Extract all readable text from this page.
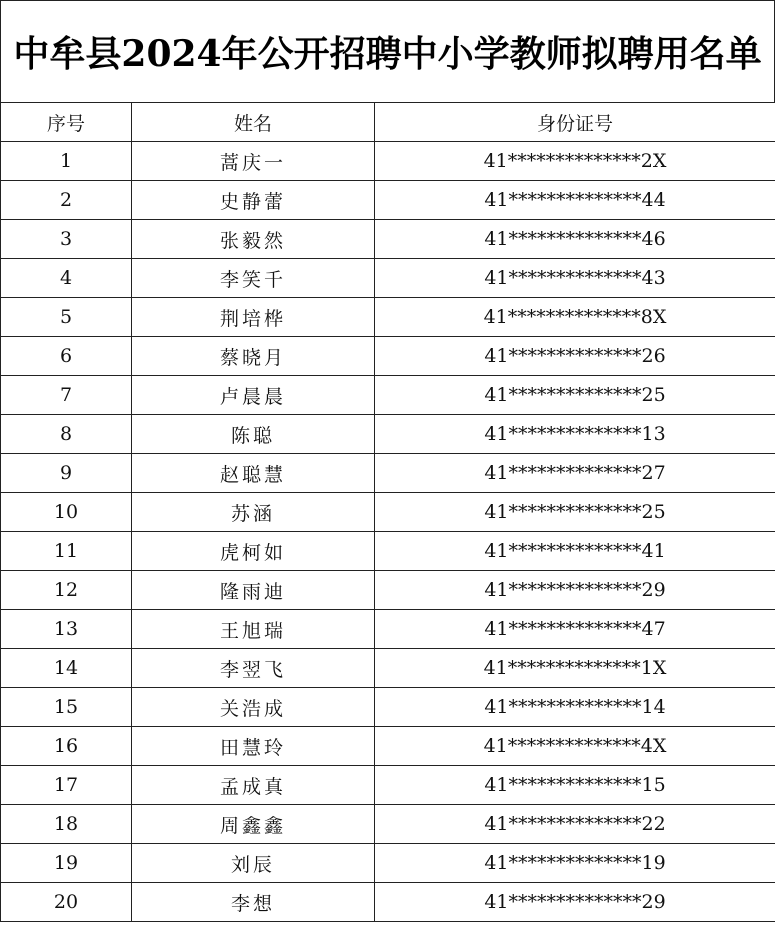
中牟县2024年公开招聘中小学教师拟聘用名单
序号	姓名	身份证号
1	蒿庆一	41**************2X
2	史静蕾	41**************44
3	张毅然	41**************46
4	李笑千	41**************43
5	荆培桦	41**************8X
6	蔡晓月	41**************26
7	卢晨晨	41**************25
8	陈聪	41**************13
9	赵聪慧	41**************27
10	苏涵	41**************25
11	虎柯如	41**************41
12	隆雨迪	41**************29
13	王旭瑞	41**************47
14	李翌飞	41**************1X
15	关浩成	41**************14
16	田慧玲	41**************4X
17	孟成真	41**************15
18	周鑫鑫	41**************22
19	刘辰	41**************19
20	李想	41**************29
